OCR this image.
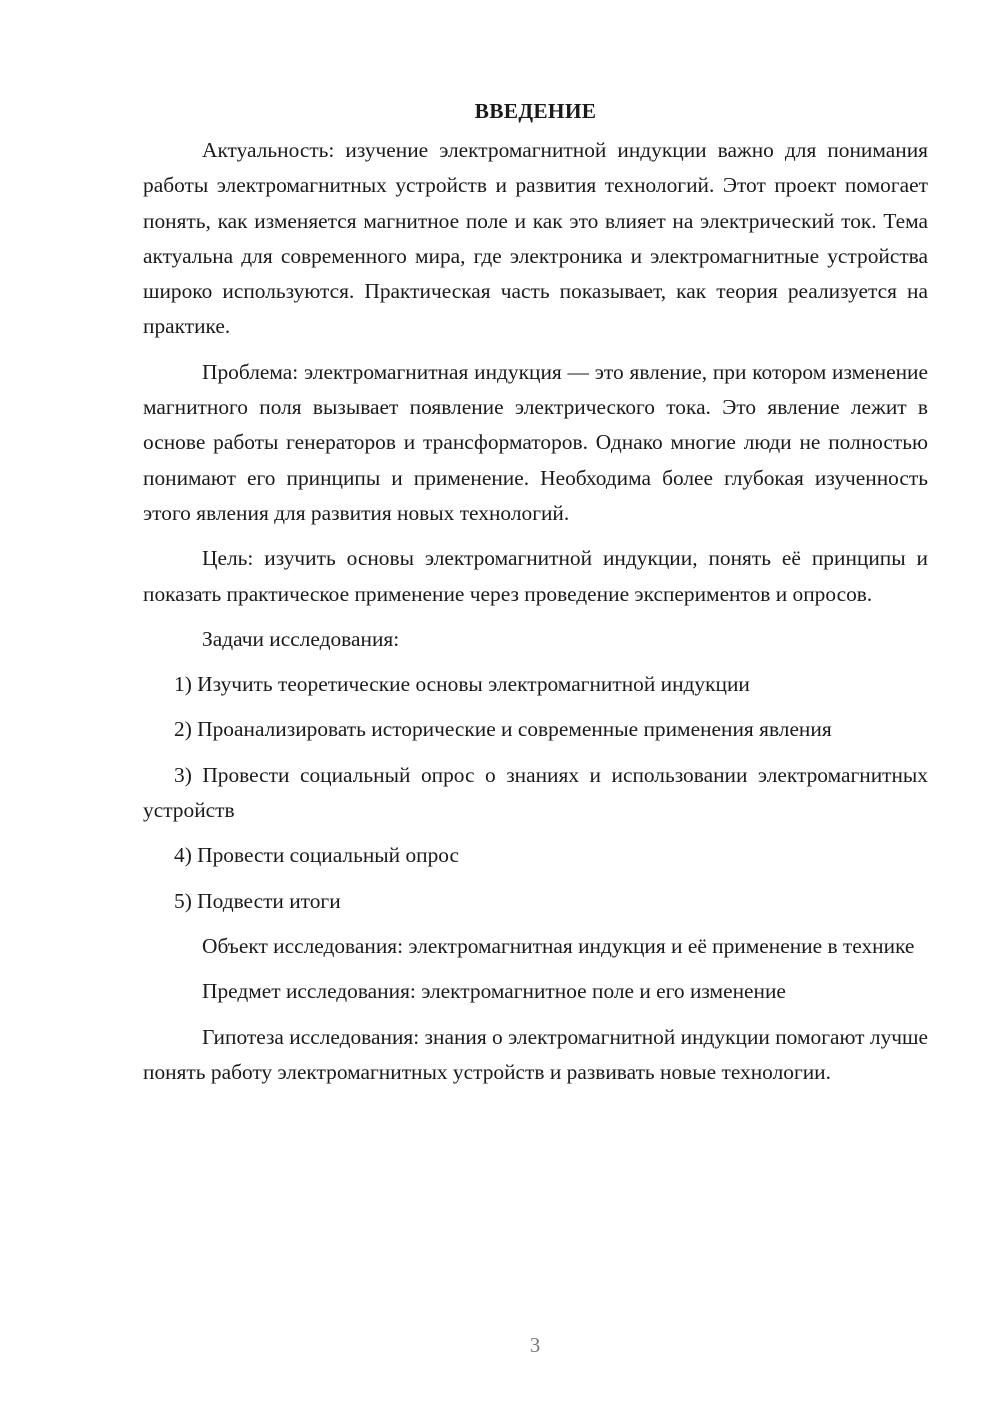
ВВЕДЕНИЕ

Актуальность: изучение электромагнитной индукции важно для понимания работы электромагнитных устройств и развития технологий. Этот проект помогает понять, как изменяется магнитное поле и как это влияет на электрический ток. Тема актуальна для современного мира, где электроника и электромагнитные устройства широко используются. Практическая часть показывает, как теория реализуется на практике.

Проблема: электромагнитная индукция — это явление, при котором изменение магнитного поля вызывает появление электрического тока. Это явление лежит в основе работы генераторов и трансформаторов. Однако многие люди не полностью понимают его принципы и применение. Необходима более глубокая изученность этого явления для развития новых технологий.

Цель: изучить основы электромагнитной индукции, понять её принципы и показать практическое применение через проведение экспериментов и опросов.

Задачи исследования:

1) Изучить теоретические основы электромагнитной индукции

2) Проанализировать исторические и современные применения явления

3) Провести социальный опрос о знаниях и использовании электромагнитных устройств

4) Провести социальный опрос

5) Подвести итоги

Объект исследования: электромагнитная индукция и её применение в технике

Предмет исследования: электромагнитное поле и его изменение

Гипотеза исследования: знания о электромагнитной индукции помогают лучше понять работу электромагнитных устройств и развивать новые технологии.

3
